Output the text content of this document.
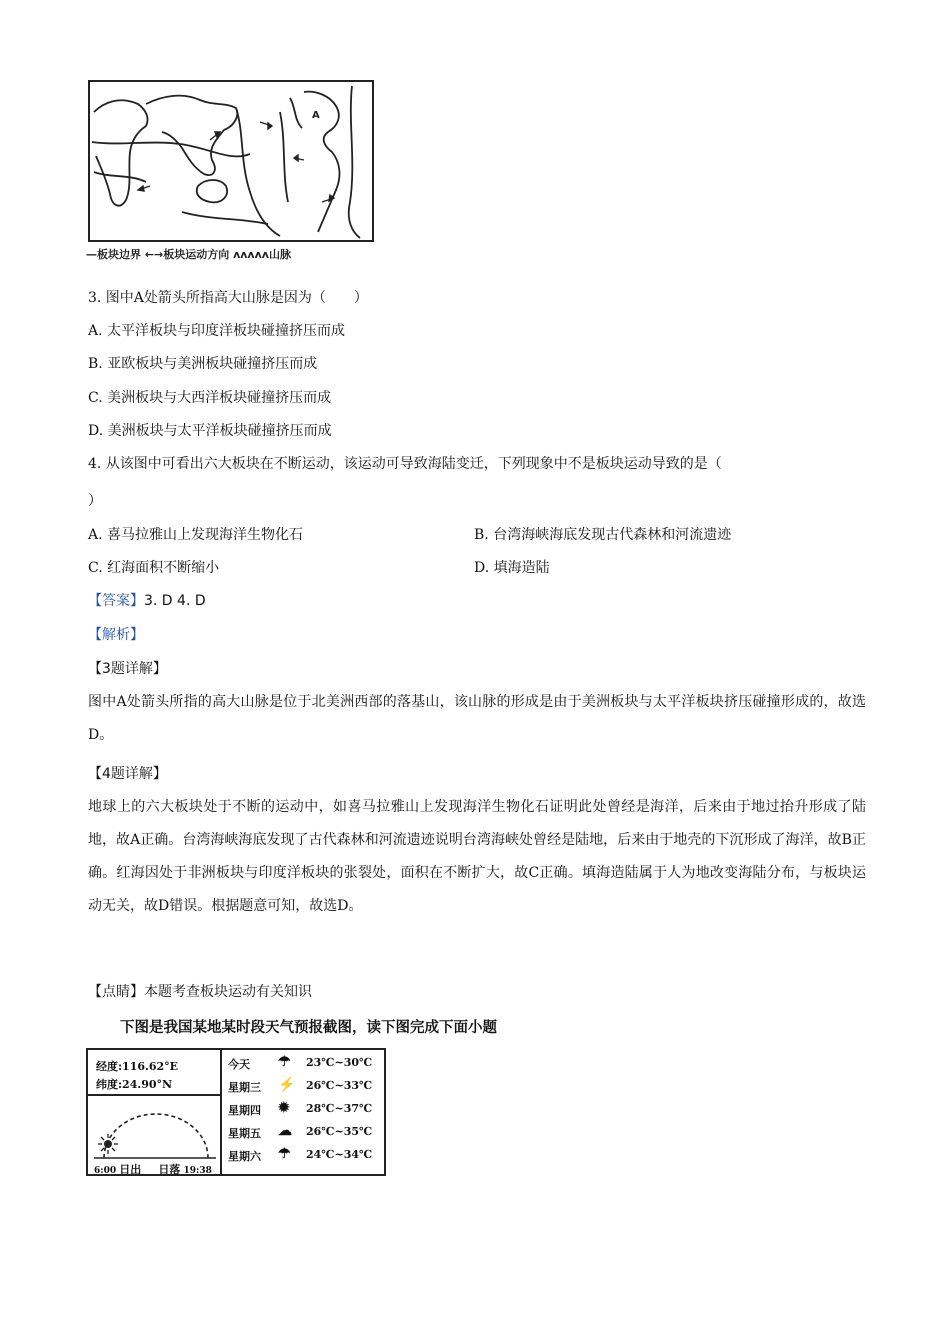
A
—板块边界 ←→板块运动方向 ʌʌʌʌʌ山脉
3. 图中A处箭头所指高大山脉是因为（　　）
A. 太平洋板块与印度洋板块碰撞挤压而成
B. 亚欧板块与美洲板块碰撞挤压而成
C. 美洲板块与大西洋板块碰撞挤压而成
D. 美洲板块与太平洋板块碰撞挤压而成
4. 从该图中可看出六大板块在不断运动，该运动可导致海陆变迁，下列现象中不是板块运动导致的是（
）
A. 喜马拉雅山上发现海洋生物化石	B. 台湾海峡海底发现古代森林和河流遗迹
C. 红海面积不断缩小	D. 填海造陆
【答案】3. D 4. D
【解析】
【3题详解】
图中A处箭头所指的高大山脉是位于北美洲西部的落基山，该山脉的形成是由于美洲板块与太平洋板块挤压碰撞形成的，故选D。
【4题详解】
地球上的六大板块处于不断的运动中，如喜马拉雅山上发现海洋生物化石证明此处曾经是海洋，后来由于地过抬升形成了陆地，故A正确。台湾海峡海底发现了古代森林和河流遗迹说明台湾海峡处曾经是陆地，后来由于地壳的下沉形成了海洋，故B正确。红海因处于非洲板块与印度洋板块的张裂处，面积在不断扩大，故C正确。填海造陆属于人为地改变海陆分布，与板块运动无关，故D错误。根据题意可知，故选D。
【点睛】本题考查板块运动有关知识
下图是我国某地某时段天气预报截图，读下图完成下面小题
经度:116.62°E
纬度:24.90°N
6:00 日出 日落 19:38
今天 ☂ 23℃~30℃
星期三 ⚡ 26℃~33℃
星期四 ✹ 28℃~37℃
星期五 ☁ 26℃~35℃
星期六 ☂ 24℃~34℃
